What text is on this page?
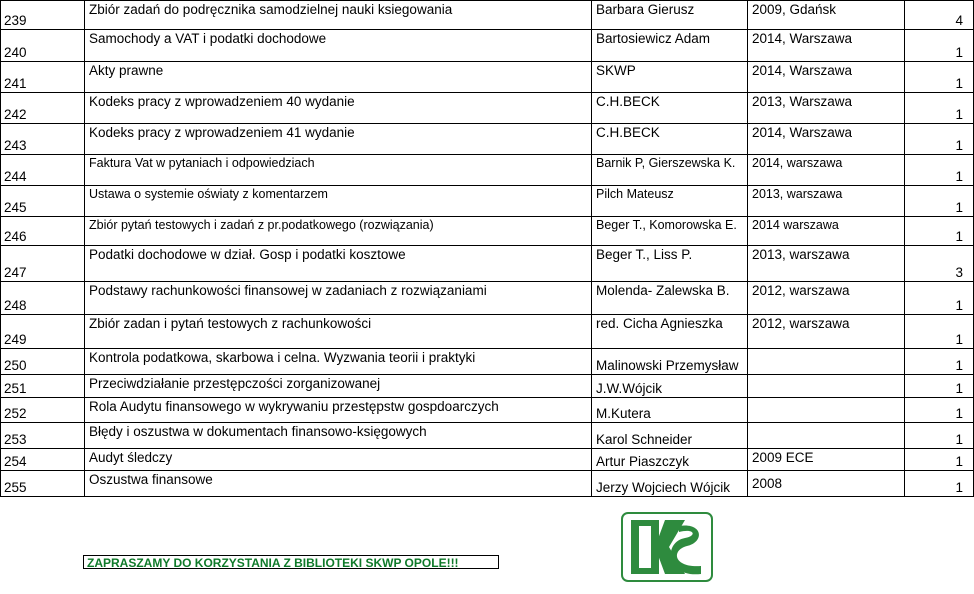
239	Zbiór zadań do podręcznika samodzielnej nauki ksiegowania	Barbara Gierusz	2009, Gdańsk	4
240	Samochody a VAT i podatki dochodowe	Bartosiewicz Adam	2014, Warszawa	1
241	Akty prawne	SKWP	2014, Warszawa	1
242	Kodeks pracy z wprowadzeniem 40 wydanie	C.H.BECK	2013, Warszawa	1
243	Kodeks pracy z wprowadzeniem 41 wydanie	C.H.BECK	2014, Warszawa	1
244	Faktura Vat w pytaniach i odpowiedziach	Barnik P, Gierszewska K.	2014, warszawa	1
245	Ustawa o systemie oświaty z komentarzem	Pilch Mateusz	2013, warszawa	1
246	Zbiór pytań testowych i zadań z pr.podatkowego (rozwiązania)	Beger T., Komorowska E.	2014 warszawa	1
247	Podatki dochodowe w dział. Gosp i podatki kosztowe	Beger T., Liss P.	2013, warszawa	3
248	Podstawy rachunkowości finansowej w zadaniach z rozwiązaniami	Molenda- Zalewska B.	2012, warszawa	1
249	Zbiór zadan i pytań testowych z rachunkowości	red. Cicha Agnieszka	2012, warszawa	1
250	Kontrola podatkowa, skarbowa i celna. Wyzwania teorii i praktyki	Malinowski Przemysław		1
251	Przeciwdziałanie przestępczości zorganizowanej	J.W.Wójcik		1
252	Rola Audytu finansowego w wykrywaniu przestępstw gospdoarczych	M.Kutera		1
253	Błędy i oszustwa w dokumentach finansowo-księgowych	Karol Schneider		1
254	Audyt śledczy	Artur Piaszczyk	2009 ECE	1
255	Oszustwa finansowe	Jerzy Wojciech Wójcik	2008	1
ZAPRASZAMY DO KORZYSTANIA Z BIBLIOTEKI SKWP OPOLE!!!
